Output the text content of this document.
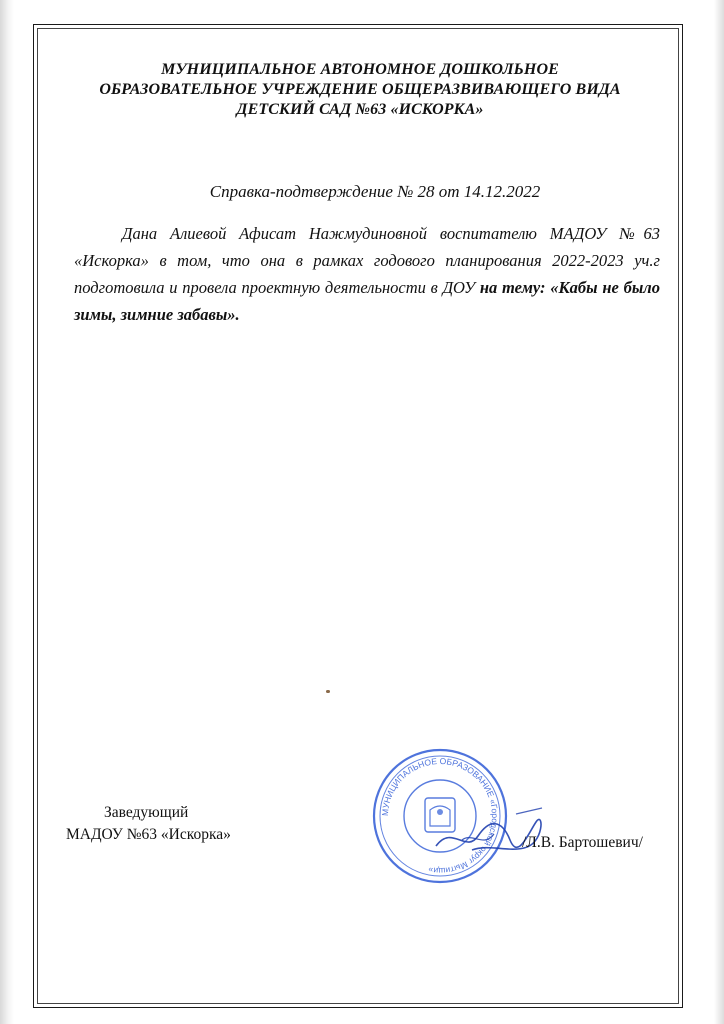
МУНИЦИПАЛЬНОЕ АВТОНОМНОЕ ДОШКОЛЬНОЕ
ОБРАЗОВАТЕЛЬНОЕ УЧРЕЖДЕНИЕ ОБЩЕРАЗВИВАЮЩЕГО ВИДА
ДЕТСКИЙ САД №63 «ИСКОРКА»
Справка-подтверждение № 28 от 14.12.2022
Дана Алиевой Афисат Нажмудиновной воспитателю МАДОУ №63 «Искорка» в том, что она в рамках годового планирования 2022-2023 уч.г подготовила и провела проектную деятельности в ДОУ на тему: «Кабы не было зимы, зимние забавы».
Заведующий
МАДОУ №63 «Искорка»
МУНИЦИПАЛЬНОЕ ОБРАЗОВАНИЕ «Городской округ Мытищи»
/Л.В. Бартошевич/
